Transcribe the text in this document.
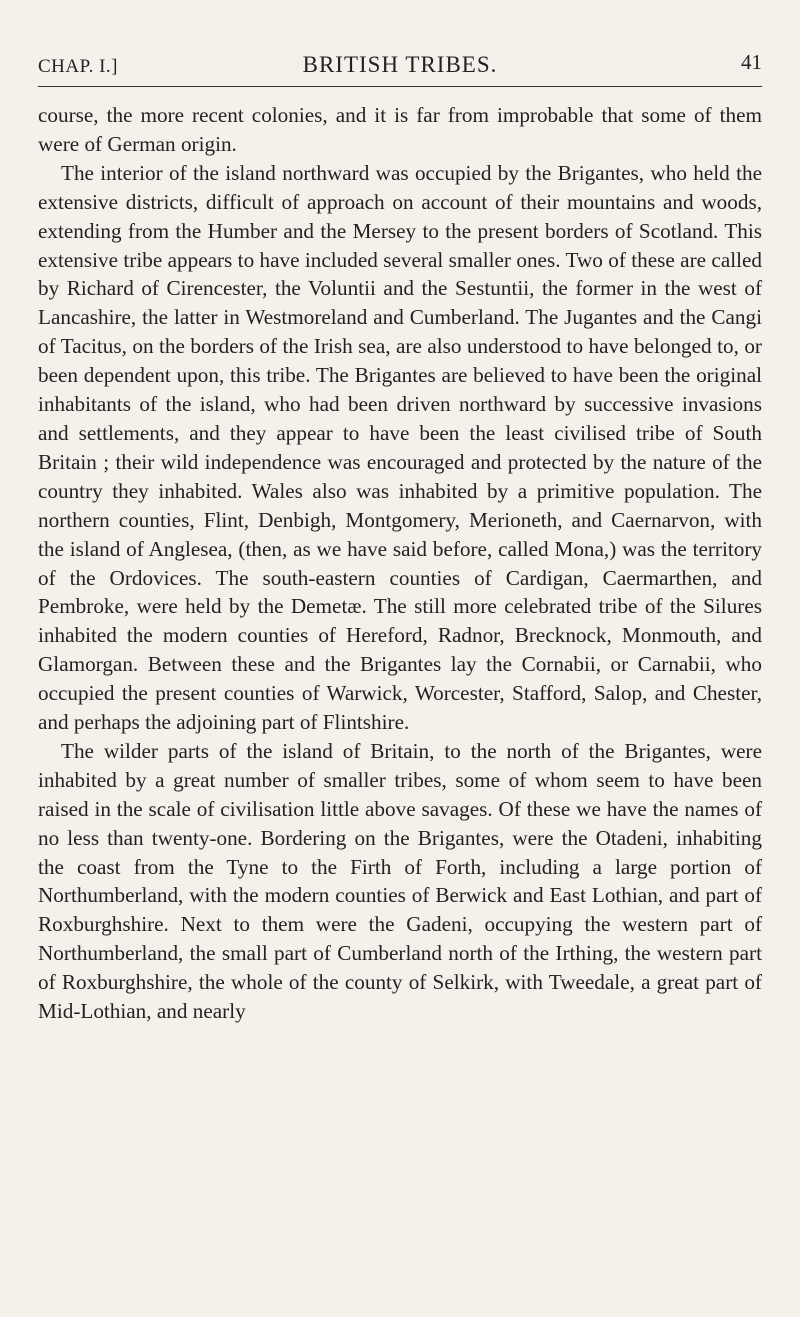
CHAP. I.]	BRITISH TRIBES.	41

course, the more recent colonies, and it is far from improbable that some of them were of German origin.

The interior of the island northward was occupied by the Brigantes, who held the extensive districts, difficult of approach on account of their mountains and woods, extending from the Humber and the Mersey to the present borders of Scotland. This extensive tribe appears to have included several smaller ones. Two of these are called by Richard of Cirencester, the Voluntii and the Sestuntii, the former in the west of Lancashire, the latter in Westmoreland and Cumberland. The Jugantes and the Cangi of Tacitus, on the borders of the Irish sea, are also understood to have belonged to, or been dependent upon, this tribe. The Brigantes are believed to have been the original inhabitants of the island, who had been driven northward by successive invasions and settlements, and they appear to have been the least civilised tribe of South Britain ; their wild independence was encouraged and protected by the nature of the country they inhabited. Wales also was inhabited by a primitive population. The northern counties, Flint, Denbigh, Montgomery, Merioneth, and Caernarvon, with the island of Anglesea, (then, as we have said before, called Mona,) was the territory of the Ordovices. The south-eastern counties of Cardigan, Caermarthen, and Pembroke, were held by the Demetæ. The still more celebrated tribe of the Silures inhabited the modern counties of Hereford, Radnor, Brecknock, Monmouth, and Glamorgan. Between these and the Brigantes lay the Cornabii, or Carnabii, who occupied the present counties of Warwick, Worcester, Stafford, Salop, and Chester, and perhaps the adjoining part of Flintshire.

The wilder parts of the island of Britain, to the north of the Brigantes, were inhabited by a great number of smaller tribes, some of whom seem to have been raised in the scale of civilisation little above savages. Of these we have the names of no less than twenty-one. Bordering on the Brigantes, were the Otadeni, inhabiting the coast from the Tyne to the Firth of Forth, including a large portion of Northumberland, with the modern counties of Berwick and East Lothian, and part of Roxburghshire. Next to them were the Gadeni, occupying the western part of Northumberland, the small part of Cumberland north of the Irthing, the western part of Roxburghshire, the whole of the county of Selkirk, with Tweedale, a great part of Mid-Lothian, and nearly
